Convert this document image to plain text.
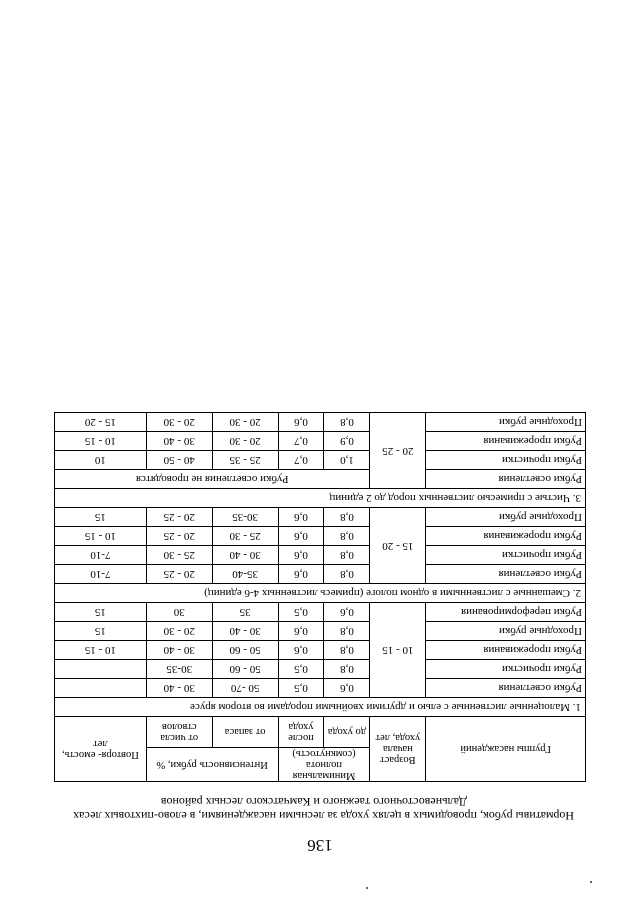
136
Нормативы рубок, проводимых в целях ухода за лесными насаждениями, в елово-пихтовых лесах
Дальневосточного таежного и Камчатского лесных районов
Группы насаждений	Возраст начала ухода, лет	Минимальная полнота (сомкнутость)		Интенсивность рубки, %		Повторя- емость, лет
		до ухода	после ухода	от запаса	от числа стволов	
1. Малоценные лиственные с елью и другими хвойными породами во втором ярусе						
Рубки осветления	10 - 15	0,6	0,5	50 -70	30 - 40	
Рубки прочистки		0,8	0,5	50 - 60	30-35	
Рубки прореживания		0,8	0,6	50 - 60	30 - 40	10 - 15
Проходные рубки		0,8	0,6	30 - 40	20 - 30	15
Рубки переформирования		0,6	0,5	35	30	15
2. Смешанные с лиственными в одном пологе (примесь лиственных 4-6 единиц)						
Рубки осветления	15 - 20	0,8	0,6	35-40	20 - 25	7-10
Рубки прочистки		0,8	0,6	30 - 40	25 - 30	7-10
Рубки прореживания		0,8	0,6	25 - 30	20 - 25	10 - 15
Проходные рубки		0,8	0,6	30-35	20 - 25	15
3. Чистые с примесью лиственных пород до 2 единиц						
Рубки осветления	20 - 25	Рубки осветления не проводятся				
Рубки прочистки		1,0	0,7	25 - 35	40 - 50	10
Рубки прореживания		0,9	0,7	20 - 30	30 - 40	10 - 15
Проходные рубки		0,8	0,6	20 - 30	20 - 30	15 - 20
